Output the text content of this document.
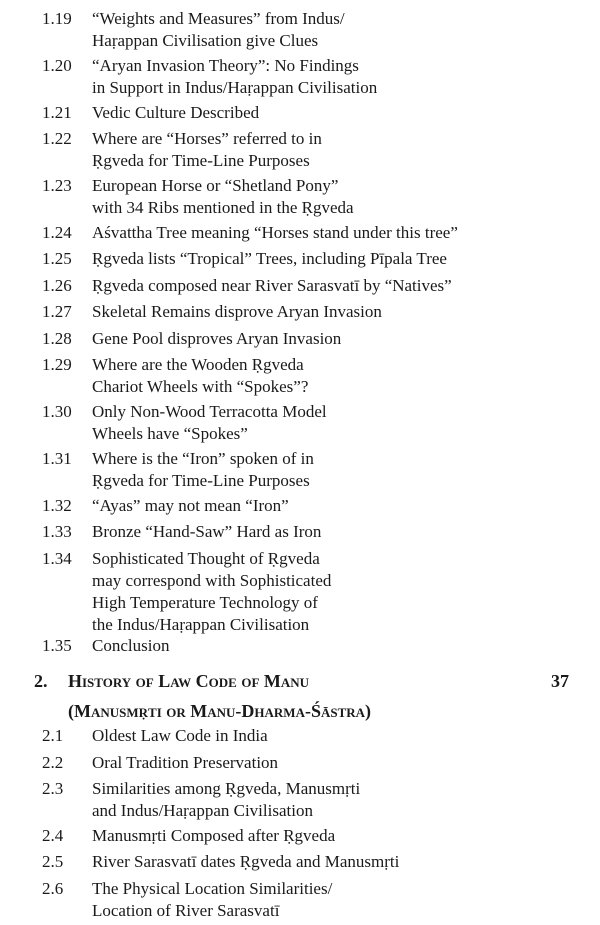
1.19 “Weights and Measures” from Indus/
Haṛappan Civilisation give Clues
1.20 “Aryan Invasion Theory”: No Findings
in Support in Indus/Haṛappan Civilisation
1.21 Vedic Culture Described
1.22 Where are “Horses” referred to in
Ṛgveda for Time-Line Purposes
1.23 European Horse or “Shetland Pony”
with 34 Ribs mentioned in the Ṛgveda
1.24 Aśvattha Tree meaning “Horses stand under this tree”
1.25 Ṛgveda lists “Tropical” Trees, including Pīpala Tree
1.26 Ṛgveda composed near River Sarasvatī by “Natives”
1.27 Skeletal Remains disprove Aryan Invasion
1.28 Gene Pool disproves Aryan Invasion
1.29 Where are the Wooden Ṛgveda
Chariot Wheels with “Spokes”?
1.30 Only Non-Wood Terracotta Model
Wheels have “Spokes”
1.31 Where is the “Iron” spoken of in
Ṛgveda for Time-Line Purposes
1.32 “Ayas” may not mean “Iron”
1.33 Bronze “Hand-Saw” Hard as Iron
1.34 Sophisticated Thought of Ṛgveda
may correspond with Sophisticated
High Temperature Technology of
the Indus/Haṛappan Civilisation
1.35 Conclusion
2. History of Law Code of Manu
(Manusmṛti or Manu-Dharma-Śāstra)
37
2.1 Oldest Law Code in India
2.2 Oral Tradition Preservation
2.3 Similarities among Ṛgveda, Manusmṛti
and Indus/Haṛappan Civilisation
2.4 Manusmṛti Composed after Ṛgveda
2.5 River Sarasvatī dates Ṛgveda and Manusmṛti
2.6 The Physical Location Similarities/
Location of River Sarasvatī
